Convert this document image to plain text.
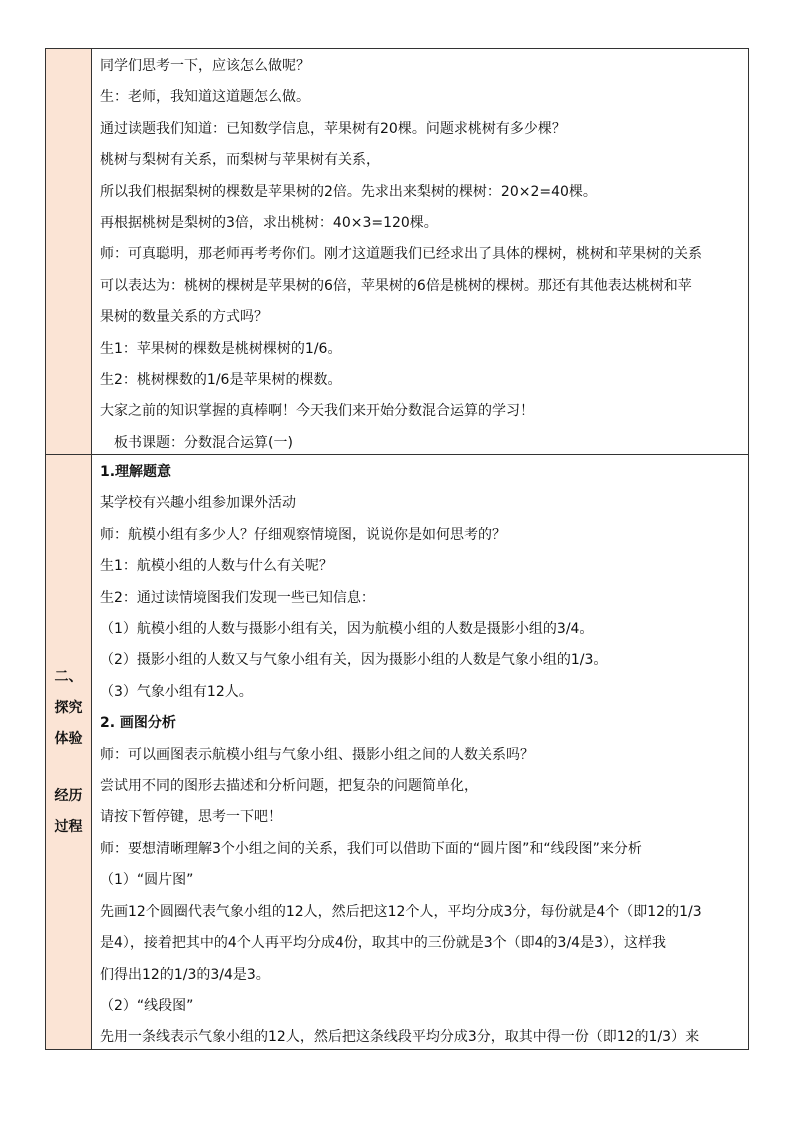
同学们思考一下，应该怎么做呢？
生：老师，我知道这道题怎么做。
通过读题我们知道：已知数学信息，苹果树有20棵。问题求桃树有多少棵？
桃树与梨树有关系，而梨树与苹果树有关系，
所以我们根据梨树的棵数是苹果树的2倍。先求出来梨树的棵树：20×2=40棵。
再根据桃树是梨树的3倍，求出桃树：40×3=120棵。
师：可真聪明，那老师再考考你们。刚才这道题我们已经求出了具体的棵树，桃树和苹果树的关系
可以表达为：桃树的棵树是苹果树的6倍，苹果树的6倍是桃树的棵树。那还有其他表达桃树和苹
果树的数量关系的方式吗？
生1：苹果树的棵数是桃树棵树的1/6。
生2：桃树棵数的1/6是苹果树的棵数。
大家之前的知识掌握的真棒啊！今天我们来开始分数混合运算的学习！
板书课题：分数混合运算(一)
二、
探究
体验
经历
过程
1.理解题意
某学校有兴趣小组参加课外活动
师：航模小组有多少人？仔细观察情境图，说说你是如何思考的？
生1：航模小组的人数与什么有关呢？
生2：通过读情境图我们发现一些已知信息：
（1）航模小组的人数与摄影小组有关，因为航模小组的人数是摄影小组的3/4。
（2）摄影小组的人数又与气象小组有关，因为摄影小组的人数是气象小组的1/3。
（3）气象小组有12人。
2. 画图分析
师：可以画图表示航模小组与气象小组、摄影小组之间的人数关系吗？
尝试用不同的图形去描述和分析问题，把复杂的问题简单化，
请按下暂停键，思考一下吧！
师：要想清晰理解3个小组之间的关系，我们可以借助下面的“圆片图”和“线段图”来分析
（1）“圆片图”
先画12个圆圈代表气象小组的12人，然后把这12个人，平均分成3分，每份就是4个（即12的1/3
是4），接着把其中的4个人再平均分成4份，取其中的三份就是3个（即4的3/4是3），这样我
们得出12的1/3的3/4是3。
（2）“线段图”
先用一条线表示气象小组的12人，然后把这条线段平均分成3分，取其中得一份（即12的1/3）来
